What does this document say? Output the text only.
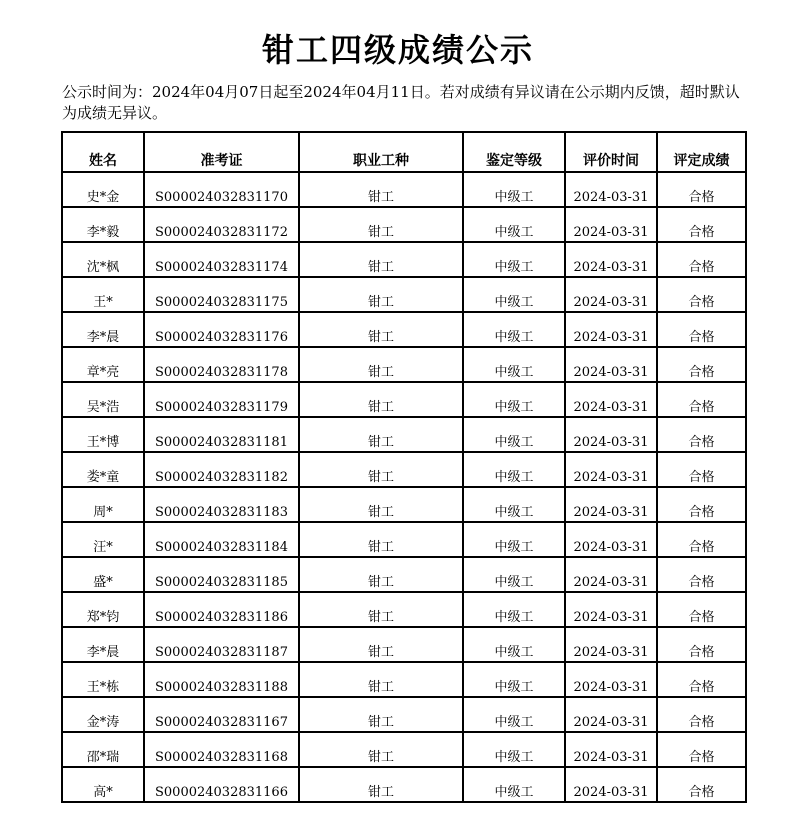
钳工四级成绩公示
公示时间为：2024年04月07日起至2024年04月11日。若对成绩有异议请在公示期内反馈，超时默认为成绩无异议。
姓名	准考证	职业工种	鉴定等级	评价时间	评定成绩
史*金	S000024032831170	钳工	中级工	2024-03-31	合格
李*毅	S000024032831172	钳工	中级工	2024-03-31	合格
沈*枫	S000024032831174	钳工	中级工	2024-03-31	合格
王*	S000024032831175	钳工	中级工	2024-03-31	合格
李*晨	S000024032831176	钳工	中级工	2024-03-31	合格
章*亮	S000024032831178	钳工	中级工	2024-03-31	合格
吴*浩	S000024032831179	钳工	中级工	2024-03-31	合格
王*博	S000024032831181	钳工	中级工	2024-03-31	合格
娄*童	S000024032831182	钳工	中级工	2024-03-31	合格
周*	S000024032831183	钳工	中级工	2024-03-31	合格
汪*	S000024032831184	钳工	中级工	2024-03-31	合格
盛*	S000024032831185	钳工	中级工	2024-03-31	合格
郑*钧	S000024032831186	钳工	中级工	2024-03-31	合格
李*晨	S000024032831187	钳工	中级工	2024-03-31	合格
王*栋	S000024032831188	钳工	中级工	2024-03-31	合格
金*涛	S000024032831167	钳工	中级工	2024-03-31	合格
邵*瑞	S000024032831168	钳工	中级工	2024-03-31	合格
高*	S000024032831166	钳工	中级工	2024-03-31	合格
